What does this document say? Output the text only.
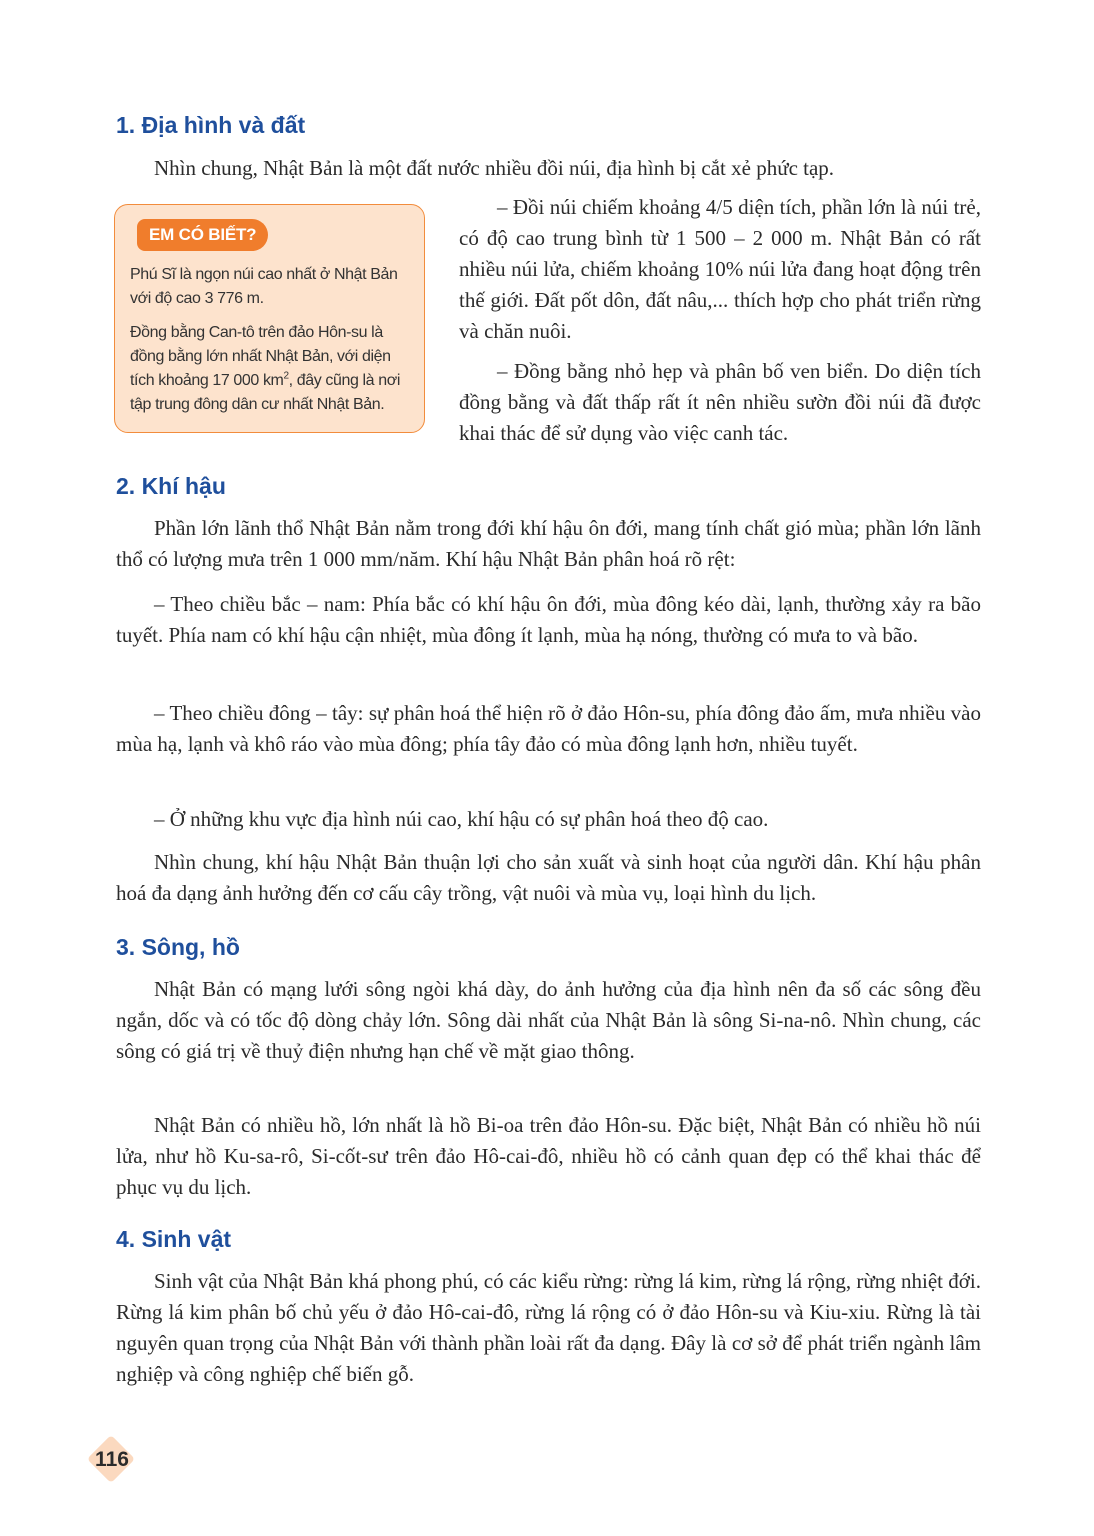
1. Địa hình và đất

Nhìn chung, Nhật Bản là một đất nước nhiều đồi núi, địa hình bị cắt xẻ phức tạp.

EM CÓ BIẾT?

Phú Sĩ là ngọn núi cao nhất ở Nhật Bản với độ cao 3 776 m.

Đồng bằng Can-tô trên đảo Hôn-su là đồng bằng lớn nhất Nhật Bản, với diện tích khoảng 17 000 $km^2$, đây cũng là nơi tập trung đông dân cư nhất Nhật Bản.

– Đồi núi chiếm khoảng 4/5 diện tích, phần lớn là núi trẻ, có độ cao trung bình từ 1 500 – 2 000 m. Nhật Bản có rất nhiều núi lửa, chiếm khoảng 10% núi lửa đang hoạt động trên thế giới. Đất pốt dôn, đất nâu,... thích hợp cho phát triển rừng và chăn nuôi.

– Đồng bằng nhỏ hẹp và phân bố ven biển. Do diện tích đồng bằng và đất thấp rất ít nên nhiều sườn đồi núi đã được khai thác để sử dụng vào việc canh tác.

2. Khí hậu

Phần lớn lãnh thổ Nhật Bản nằm trong đới khí hậu ôn đới, mang tính chất gió mùa; phần lớn lãnh thổ có lượng mưa trên 1 000 mm/năm. Khí hậu Nhật Bản phân hoá rõ rệt:

– Theo chiều bắc – nam: Phía bắc có khí hậu ôn đới, mùa đông kéo dài, lạnh, thường xảy ra bão tuyết. Phía nam có khí hậu cận nhiệt, mùa đông ít lạnh, mùa hạ nóng, thường có mưa to và bão.

– Theo chiều đông – tây: sự phân hoá thể hiện rõ ở đảo Hôn-su, phía đông đảo ấm, mưa nhiều vào mùa hạ, lạnh và khô ráo vào mùa đông; phía tây đảo có mùa đông lạnh hơn, nhiều tuyết.

– Ở những khu vực địa hình núi cao, khí hậu có sự phân hoá theo độ cao.

Nhìn chung, khí hậu Nhật Bản thuận lợi cho sản xuất và sinh hoạt của người dân. Khí hậu phân hoá đa dạng ảnh hưởng đến cơ cấu cây trồng, vật nuôi và mùa vụ, loại hình du lịch.

3. Sông, hồ

Nhật Bản có mạng lưới sông ngòi khá dày, do ảnh hưởng của địa hình nên đa số các sông đều ngắn, dốc và có tốc độ dòng chảy lớn. Sông dài nhất của Nhật Bản là sông Si-na-nô. Nhìn chung, các sông có giá trị về thuỷ điện nhưng hạn chế về mặt giao thông.

Nhật Bản có nhiều hồ, lớn nhất là hồ Bi-oa trên đảo Hôn-su. Đặc biệt, Nhật Bản có nhiều hồ núi lửa, như hồ Ku-sa-rô, Si-cốt-sư trên đảo Hô-cai-đô, nhiều hồ có cảnh quan đẹp có thể khai thác để phục vụ du lịch.

4. Sinh vật

Sinh vật của Nhật Bản khá phong phú, có các kiểu rừng: rừng lá kim, rừng lá rộng, rừng nhiệt đới. Rừng lá kim phân bố chủ yếu ở đảo Hô-cai-đô, rừng lá rộng có ở đảo Hôn-su và Kiu-xiu. Rừng là tài nguyên quan trọng của Nhật Bản với thành phần loài rất đa dạng. Đây là cơ sở để phát triển ngành lâm nghiệp và công nghiệp chế biến gỗ.

116
